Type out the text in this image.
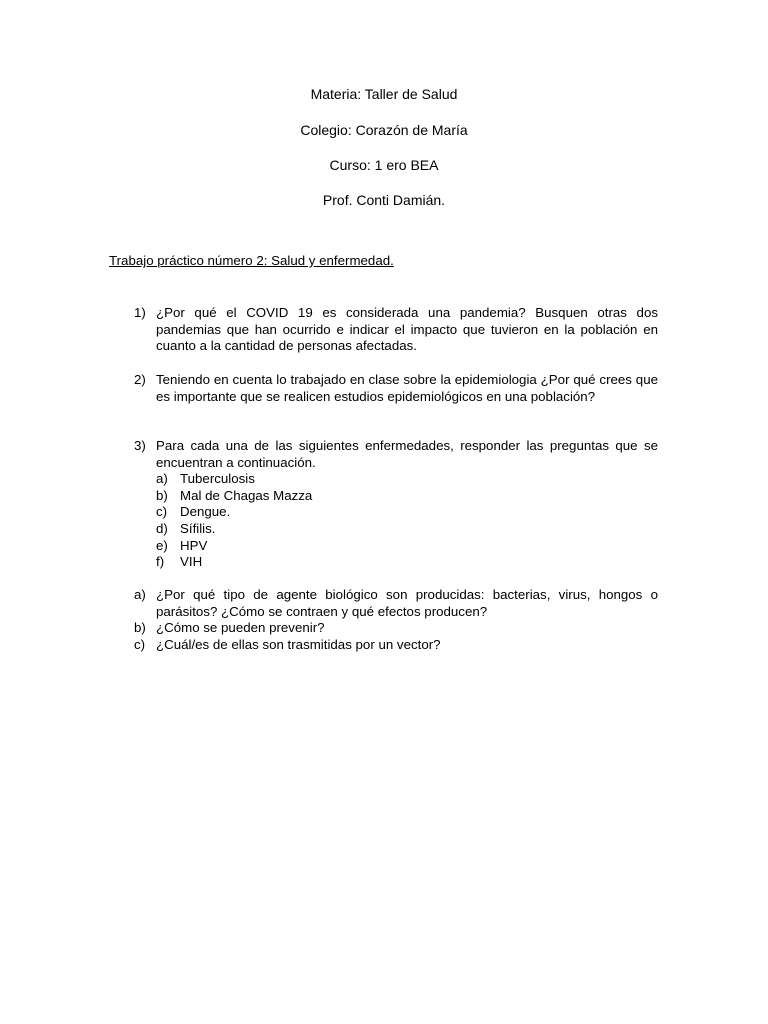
Materia: Taller de Salud
Colegio: Corazón de María
Curso: 1 ero BEA
Prof. Conti Damián.
Trabajo práctico número 2: Salud y enfermedad.
1) ¿Por qué el COVID 19 es considerada una pandemia? Busquen otras dos pandemias que han ocurrido e indicar el impacto que tuvieron en la población en cuanto a la cantidad de personas afectadas.
2) Teniendo en cuenta lo trabajado en clase sobre la epidemiologia ¿Por qué crees que es importante que se realicen estudios epidemiológicos en una población?
3) Para cada una de las siguientes enfermedades, responder las preguntas que se encuentran a continuación.
a) Tuberculosis
b) Mal de Chagas Mazza
c) Dengue.
d) Sífilis.
e) HPV
f) VIH
a) ¿Por qué tipo de agente biológico son producidas: bacterias, virus, hongos o parásitos? ¿Cómo se contraen y qué efectos producen?
b) ¿Cómo se pueden prevenir?
c) ¿Cuál/es de ellas son trasmitidas por un vector?
